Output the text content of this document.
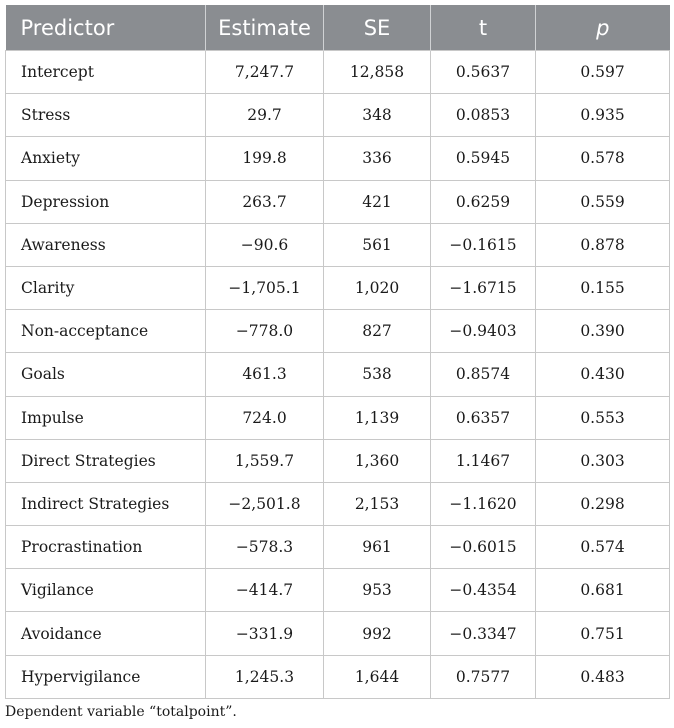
Predictor	Estimate	SE	t	p
Intercept	7,247.7	12,858	0.5637	0.597
Stress	29.7	348	0.0853	0.935
Anxiety	199.8	336	0.5945	0.578
Depression	263.7	421	0.6259	0.559
Awareness	−90.6	561	−0.1615	0.878
Clarity	−1,705.1	1,020	−1.6715	0.155
Non-acceptance	−778.0	827	−0.9403	0.390
Goals	461.3	538	0.8574	0.430
Impulse	724.0	1,139	0.6357	0.553
Direct Strategies	1,559.7	1,360	1.1467	0.303
Indirect Strategies	−2,501.8	2,153	−1.1620	0.298
Procrastination	−578.3	961	−0.6015	0.574
Vigilance	−414.7	953	−0.4354	0.681
Avoidance	−331.9	992	−0.3347	0.751
Hypervigilance	1,245.3	1,644	0.7577	0.483
Dependent variable “totalpoint”.
